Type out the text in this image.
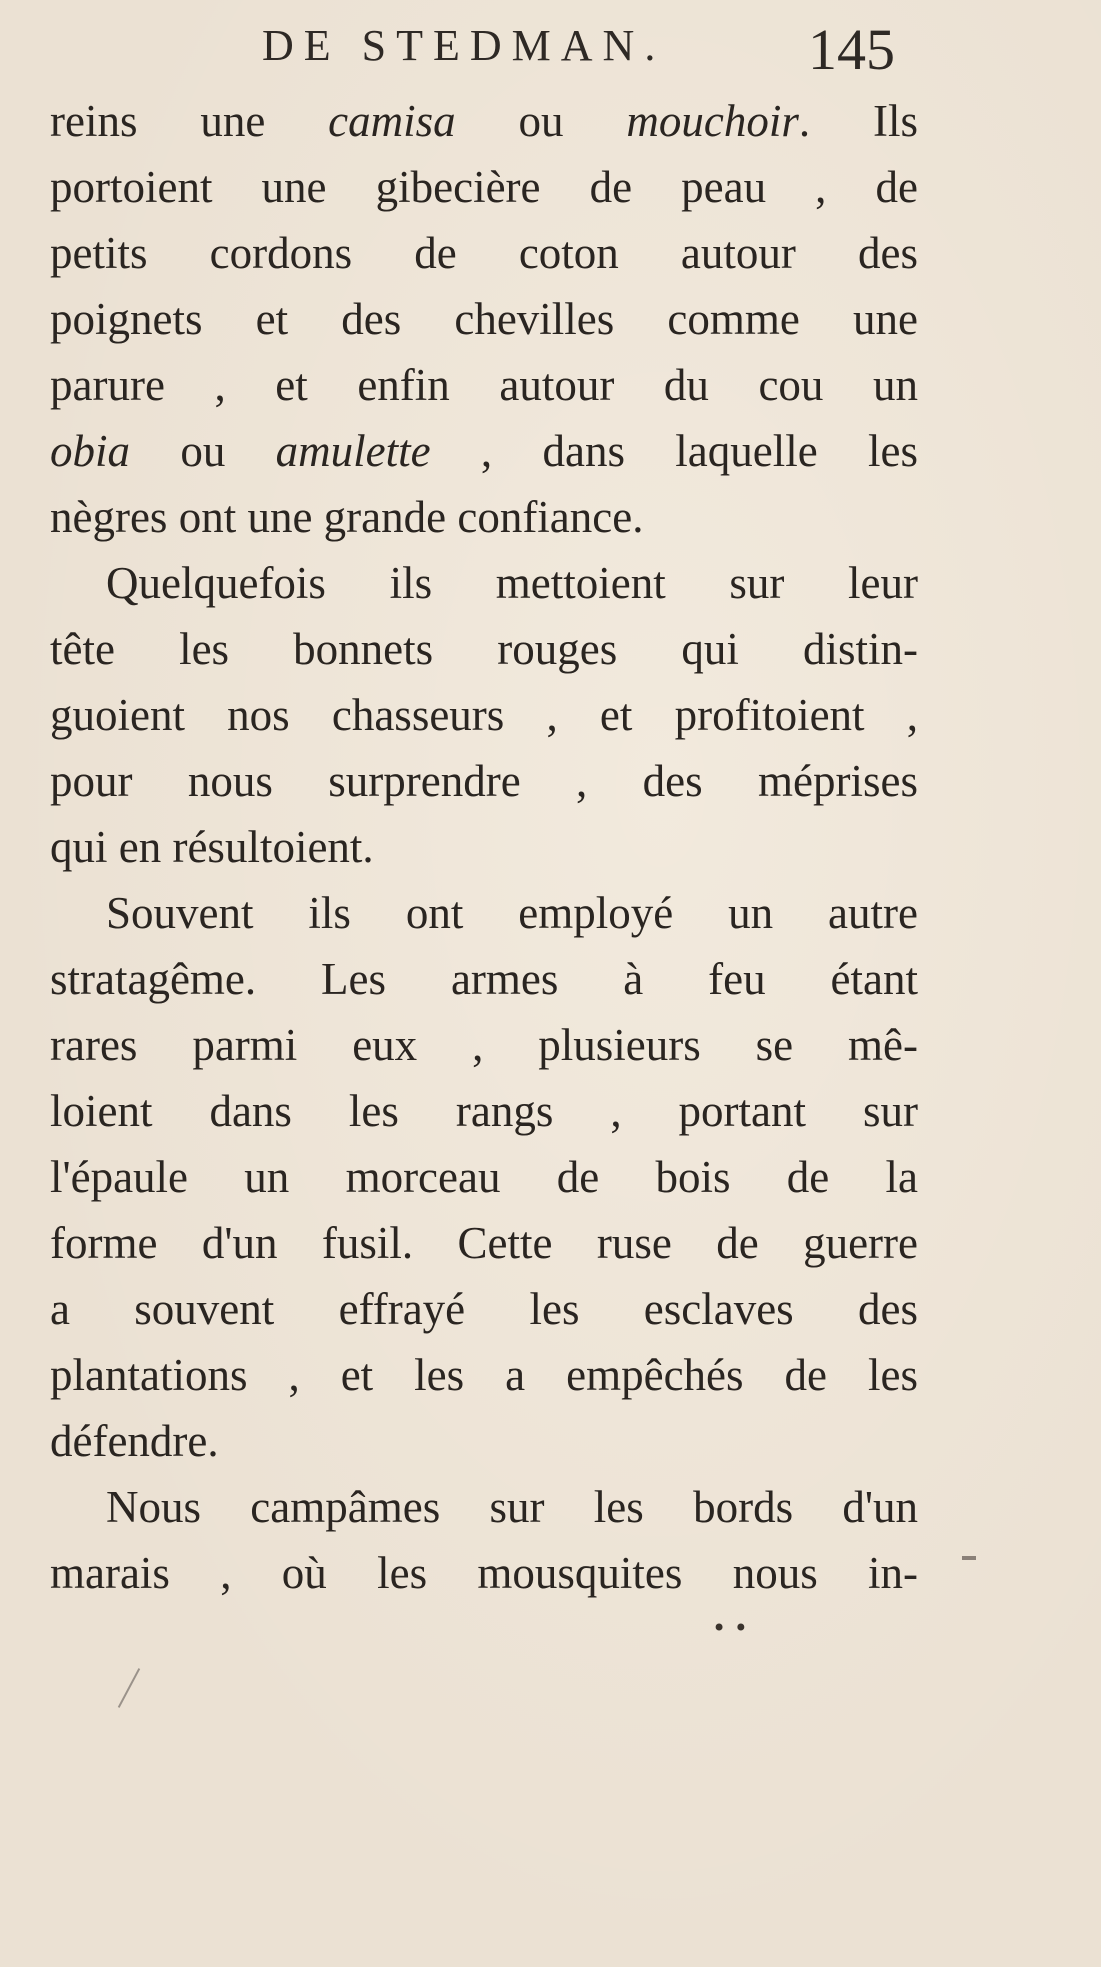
DE STEDMAN. 145
reins une camisa ou mouchoir. Ils
portoient une gibecière de peau , de
petits cordons de coton autour des
poignets et des chevilles comme une
parure , et enfin autour du cou un
obia ou amulette , dans laquelle les
nègres ont une grande confiance.
Quelquefois ils mettoient sur leur
tête les bonnets rouges qui distin-
guoient nos chasseurs , et profitoient ,
pour nous surprendre , des méprises
qui en résultoient.
Souvent ils ont employé un autre
stratagême. Les armes à feu étant
rares parmi eux , plusieurs se mê-
loient dans les rangs , portant sur
l'épaule un morceau de bois de la
forme d'un fusil. Cette ruse de guerre
a souvent effrayé les esclaves des
plantations , et les a empêchés de les
défendre.
Nous campâmes sur les bords d'un
marais , où les mousquites nous in-
• •
